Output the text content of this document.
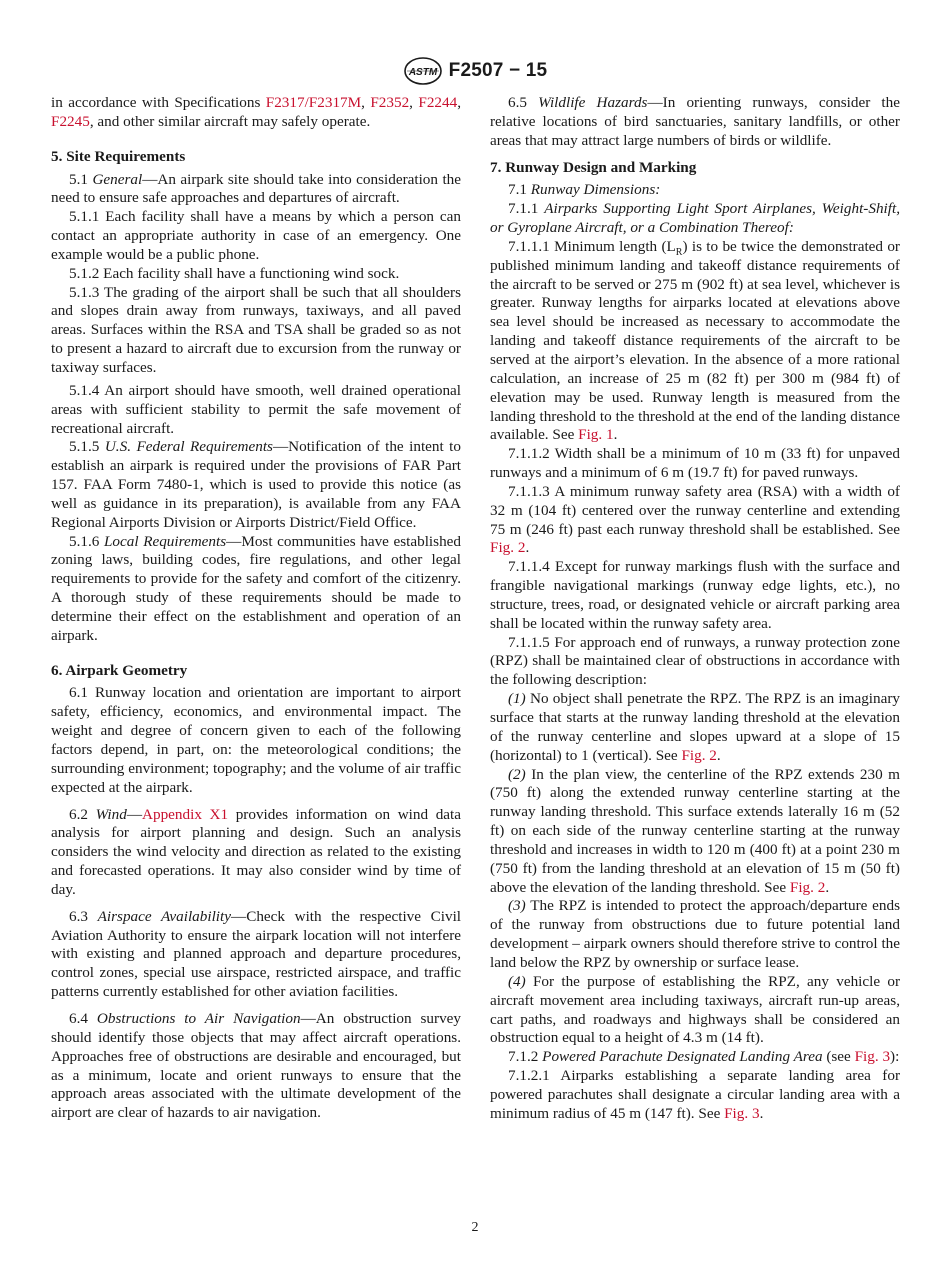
ASTM F2507 − 15

in accordance with Specifications F2317/F2317M, F2352, F2244, F2245, and other similar aircraft may safely operate.

5. Site Requirements

5.1 General—An airpark site should take into consideration the need to ensure safe approaches and departures of aircraft.

5.1.1 Each facility shall have a means by which a person can contact an appropriate authority in case of an emergency. One example would be a public phone.

5.1.2 Each facility shall have a functioning wind sock.

5.1.3 The grading of the airport shall be such that all shoulders and slopes drain away from runways, taxiways, and all paved areas. Surfaces within the RSA and TSA shall be graded so as not to present a hazard to aircraft due to excursion from the runway or taxiway surfaces.

5.1.4 An airport should have smooth, well drained operational areas with sufficient stability to permit the safe movement of recreational aircraft.

5.1.5 U.S. Federal Requirements—Notification of the intent to establish an airpark is required under the provisions of FAR Part 157. FAA Form 7480-1, which is used to provide this notice (as well as guidance in its preparation), is available from any FAA Regional Airports Division or Airports District/Field Office.

5.1.6 Local Requirements—Most communities have established zoning laws, building codes, fire regulations, and other legal requirements to provide for the safety and comfort of the citizenry. A thorough study of these requirements should be made to determine their effect on the establishment and operation of an airpark.

6. Airpark Geometry

6.1 Runway location and orientation are important to airport safety, efficiency, economics, and environmental impact. The weight and degree of concern given to each of the following factors depend, in part, on: the meteorological conditions; the surrounding environment; topography; and the volume of air traffic expected at the airpark.

6.2 Wind—Appendix X1 provides information on wind data analysis for airport planning and design. Such an analysis considers the wind velocity and direction as related to the existing and forecasted operations. It may also consider wind by time of day.

6.3 Airspace Availability—Check with the respective Civil Aviation Authority to ensure the airpark location will not interfere with existing and planned approach and departure procedures, control zones, special use airspace, restricted airspace, and traffic patterns currently established for other aviation facilities.

6.4 Obstructions to Air Navigation—An obstruction survey should identify those objects that may affect aircraft operations. Approaches free of obstructions are desirable and encouraged, but as a minimum, locate and orient runways to ensure that the approach areas associated with the ultimate development of the airport are clear of hazards to air navigation.

6.5 Wildlife Hazards—In orienting runways, consider the relative locations of bird sanctuaries, sanitary landfills, or other areas that may attract large numbers of birds or wildlife.

7. Runway Design and Marking

7.1 Runway Dimensions:

7.1.1 Airparks Supporting Light Sport Airplanes, Weight-Shift, or Gyroplane Aircraft, or a Combination Thereof:

7.1.1.1 Minimum length $(L_R)$ is to be twice the demonstrated or published minimum landing and takeoff distance requirements of the aircraft to be served or 275 m (902 ft) at sea level, whichever is greater. Runway lengths for airparks located at elevations above sea level should be increased as necessary to accommodate the landing and takeoff distance requirements of the aircraft to be served at the airport’s elevation. In the absence of a more rational calculation, an increase of 25 m (82 ft) per 300 m (984 ft) of elevation may be used. Runway length is measured from the landing threshold to the threshold at the end of the landing distance available. See Fig. 1.

7.1.1.2 Width shall be a minimum of 10 m (33 ft) for unpaved runways and a minimum of 6 m (19.7 ft) for paved runways.

7.1.1.3 A minimum runway safety area (RSA) with a width of 32 m (104 ft) centered over the runway centerline and extending 75 m (246 ft) past each runway threshold shall be established. See Fig. 2.

7.1.1.4 Except for runway markings flush with the surface and frangible navigational markings (runway edge lights, etc.), no structure, trees, road, or designated vehicle or aircraft parking area shall be located within the runway safety area.

7.1.1.5 For approach end of runways, a runway protection zone (RPZ) shall be maintained clear of obstructions in accordance with the following description:

(1) No object shall penetrate the RPZ. The RPZ is an imaginary surface that starts at the runway landing threshold at the elevation of the runway centerline and slopes upward at a slope of 15 (horizontal) to 1 (vertical). See Fig. 2.

(2) In the plan view, the centerline of the RPZ extends 230 m (750 ft) along the extended runway centerline starting at the runway landing threshold. This surface extends laterally 16 m (52 ft) on each side of the runway centerline starting at the runway threshold and increases in width to 120 m (400 ft) at a point 230 m (750 ft) from the landing threshold at an elevation of 15 m (50 ft) above the elevation of the landing threshold. See Fig. 2.

(3) The RPZ is intended to protect the approach/departure ends of the runway from obstructions due to future potential land development – airpark owners should therefore strive to control the land below the RPZ by ownership or surface lease.

(4) For the purpose of establishing the RPZ, any vehicle or aircraft movement area including taxiways, aircraft run-up areas, cart paths, and roadways and highways shall be considered an obstruction equal to a height of 4.3 m (14 ft).

7.1.2 Powered Parachute Designated Landing Area (see Fig. 3):

7.1.2.1 Airparks establishing a separate landing area for powered parachutes shall designate a circular landing area with a minimum radius of 45 m (147 ft). See Fig. 3.

2
